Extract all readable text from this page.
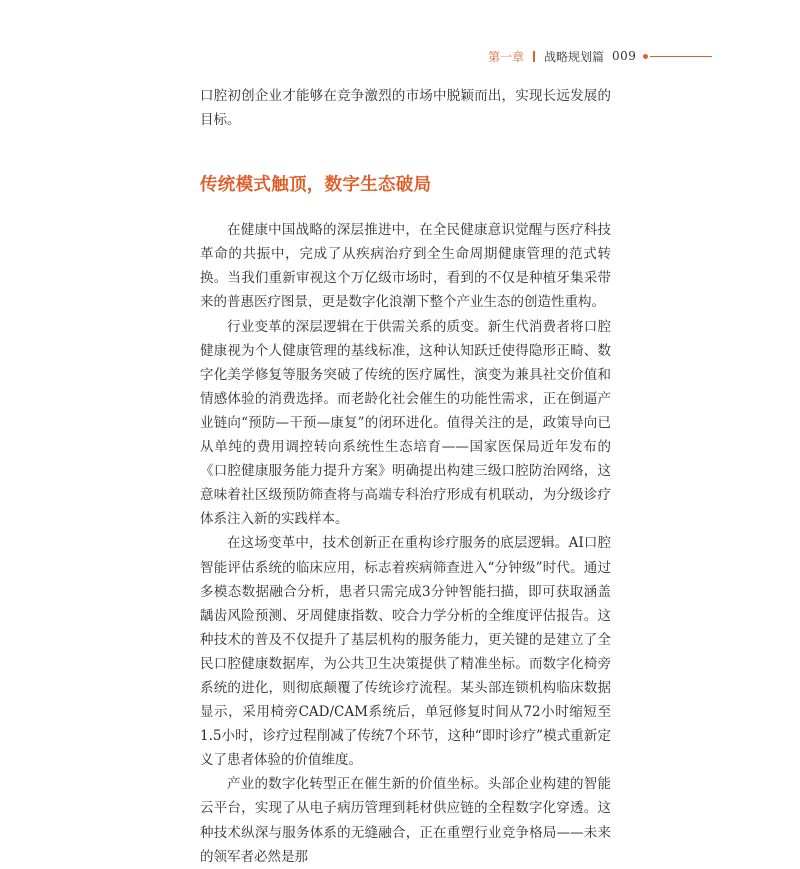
第一章 战略规划篇 009

口腔初创企业才能够在竞争激烈的市场中脱颖而出，实现长远发展的目标。

传统模式触顶，数字生态破局

在健康中国战略的深层推进中，在全民健康意识觉醒与医疗科技革命的共振中，完成了从疾病治疗到全生命周期健康管理的范式转换。当我们重新审视这个万亿级市场时，看到的不仅是种植牙集采带来的普惠医疗图景，更是数字化浪潮下整个产业生态的创造性重构。

行业变革的深层逻辑在于供需关系的质变。新生代消费者将口腔健康视为个人健康管理的基线标准，这种认知跃迁使得隐形正畸、数字化美学修复等服务突破了传统的医疗属性，演变为兼具社交价值和情感体验的消费选择。而老龄化社会催生的功能性需求，正在倒逼产业链向“预防—干预—康复”的闭环进化。值得关注的是，政策导向已从单纯的费用调控转向系统性生态培育——国家医保局近年发布的《口腔健康服务能力提升方案》明确提出构建三级口腔防治网络，这意味着社区级预防筛查将与高端专科治疗形成有机联动，为分级诊疗体系注入新的实践样本。

在这场变革中，技术创新正在重构诊疗服务的底层逻辑。AI口腔智能评估系统的临床应用，标志着疾病筛查进入“分钟级”时代。通过多模态数据融合分析，患者只需完成3分钟智能扫描，即可获取涵盖龋齿风险预测、牙周健康指数、咬合力学分析的全维度评估报告。这种技术的普及不仅提升了基层机构的服务能力，更关键的是建立了全民口腔健康数据库，为公共卫生决策提供了精准坐标。而数字化椅旁系统的进化，则彻底颠覆了传统诊疗流程。某头部连锁机构临床数据显示，采用椅旁CAD/CAM系统后，单冠修复时间从72小时缩短至1.5小时，诊疗过程削减了传统7个环节，这种“即时诊疗”模式重新定义了患者体验的价值维度。

产业的数字化转型正在催生新的价值坐标。头部企业构建的智能云平台，实现了从电子病历管理到耗材供应链的全程数字化穿透。这种技术纵深与服务体系的无缝融合，正在重塑行业竞争格局——未来的领军者必然是那
